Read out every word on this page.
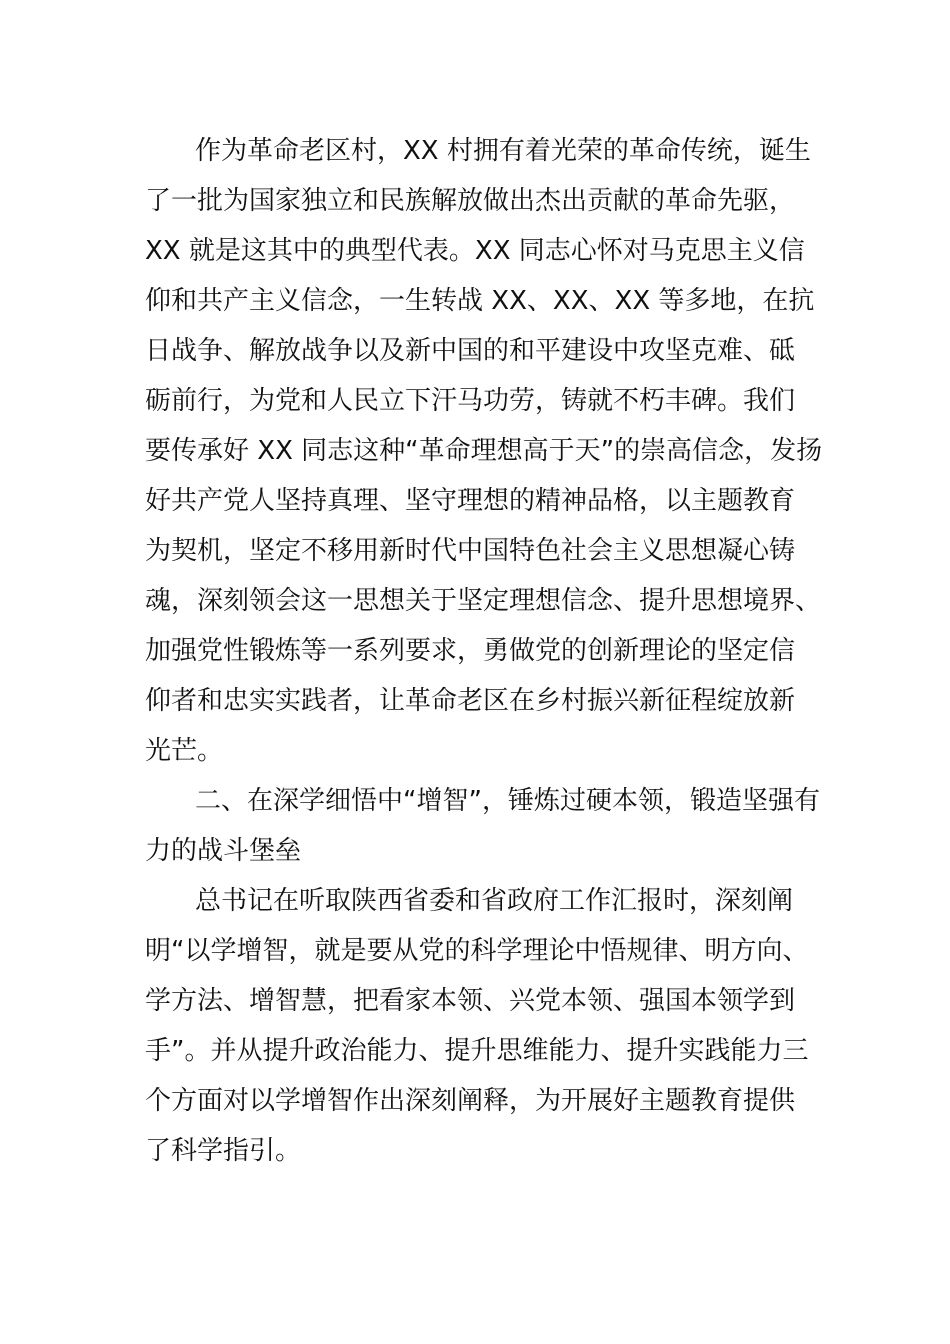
作为革命老区村，XX 村拥有着光荣的革命传统，诞生
了一批为国家独立和民族解放做出杰出贡献的革命先驱，
XX 就是这其中的典型代表。XX 同志心怀对马克思主义信
仰和共产主义信念，一生转战 XX、XX、XX 等多地，在抗
日战争、解放战争以及新中国的和平建设中攻坚克难、砥
砺前行，为党和人民立下汗马功劳，铸就不朽丰碑。我们
要传承好 XX 同志这种“革命理想高于天”的崇高信念，发扬
好共产党人坚持真理、坚守理想的精神品格，以主题教育
为契机，坚定不移用新时代中国特色社会主义思想凝心铸
魂，深刻领会这一思想关于坚定理想信念、提升思想境界、
加强党性锻炼等一系列要求，勇做党的创新理论的坚定信
仰者和忠实实践者，让革命老区在乡村振兴新征程绽放新
光芒。
二、在深学细悟中“增智”，锤炼过硬本领，锻造坚强有
力的战斗堡垒
总书记在听取陕西省委和省政府工作汇报时，深刻阐
明“以学增智，就是要从党的科学理论中悟规律、明方向、
学方法、增智慧，把看家本领、兴党本领、强国本领学到
手”。并从提升政治能力、提升思维能力、提升实践能力三
个方面对以学增智作出深刻阐释，为开展好主题教育提供
了科学指引。
